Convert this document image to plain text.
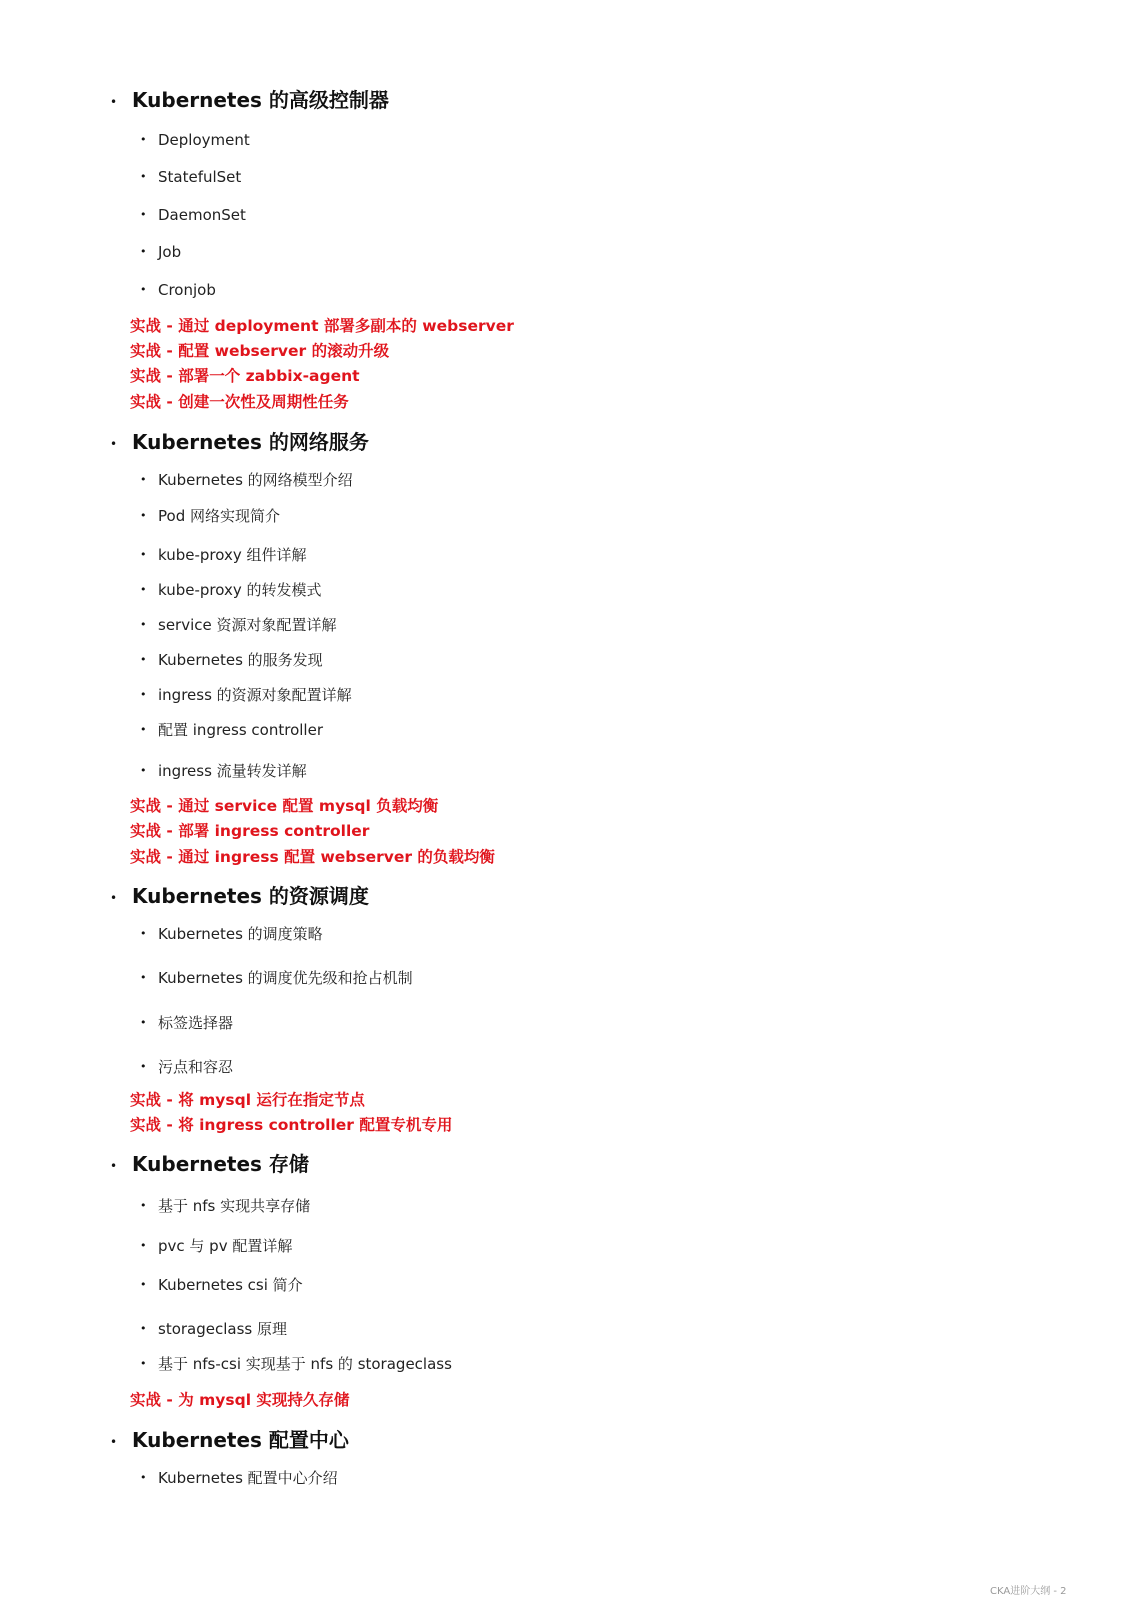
• Kubernetes 的高级控制器
• Deployment
• StatefulSet
• DaemonSet
• Job
• Cronjob
实战 - 通过 deployment 部署多副本的 webserver
实战 - 配置 webserver 的滚动升级
实战 - 部署一个 zabbix-agent
实战 - 创建一次性及周期性任务
• Kubernetes 的网络服务
• Kubernetes 的网络模型介绍
• Pod 网络实现简介
• kube-proxy 组件详解
• kube-proxy 的转发模式
• service 资源对象配置详解
• Kubernetes 的服务发现
• ingress 的资源对象配置详解
• 配置 ingress controller
• ingress 流量转发详解
实战 - 通过 service 配置 mysql 负载均衡
实战 - 部署 ingress controller
实战 - 通过 ingress 配置 webserver 的负载均衡
• Kubernetes 的资源调度
• Kubernetes 的调度策略
• Kubernetes 的调度优先级和抢占机制
• 标签选择器
• 污点和容忍
实战 - 将 mysql 运行在指定节点
实战 - 将 ingress controller 配置专机专用
• Kubernetes 存储
• 基于 nfs 实现共享存储
• pvc 与 pv 配置详解
• Kubernetes csi 简介
• storageclass 原理
• 基于 nfs-csi 实现基于 nfs 的 storageclass
实战 - 为 mysql 实现持久存储
• Kubernetes 配置中心
• Kubernetes 配置中心介绍
CKA进阶大纲 - 2
